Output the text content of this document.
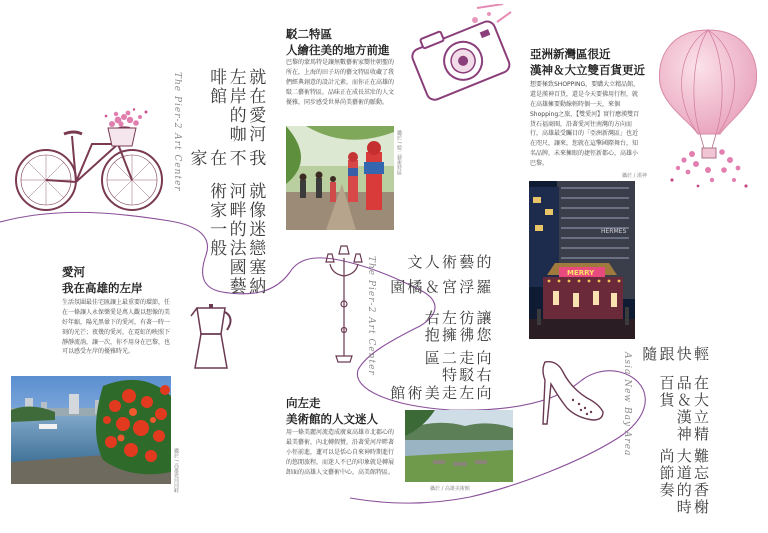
就像迷戀塞納河畔的法國藝術家一般
我不在家
就在愛河左岸的咖啡館
The Pier-2 Art Center
愛河
我在高雄的左岸
生活氛圍最佳宅匯讓上最重要的環節，任在一條讓人永保樂愛是萬人觀以想像的美好年縮，陽光黑暈下的愛河，有著一時一刻的光芒；夜幾的愛河，在霓虹的映照下靜靜流淌，讓一次，你不用身在巴黎，也可以感受左岸的優雅時光。
攝於 / 高雄愛河河畔
駁二特區
人繪往美的地方前進
巴黎的蒙馬特是讓無數藝術家嚮往朝聖的所在，上海的田子坊的藝文特區收藏了我們經典創意的設計元素，而你正在高雄的駁二藝術特區，品味正在成長茁壯的人文優雅，同步感受世界尚美藝術的脈動。
攝於 / 駁二藝術特區
向左走美術館
向右走駁二特區
讓您彷彿左擁右抱
羅浮宮＆橘園
的藝術人文
The Pier-2 Art Center
向左走
美術館的人文迷人
用一條美麗河流造成廣東高雄市北郡心的最美藝術，內北轉假贊，沿著愛河岸畔著小徑前進，蓮可以是恬心自來神時期進行的悠閒旅程，而迷人不已的印象就是轉展卸面的高雄人文藝術中心，高美館特區。
攝於 / 高雄美術館
亞洲新灣區很近
漢神＆大立雙百貨更近
想要極致SHOPPING，要購大立精品館，還是漢神百貨，還是今天要佛用行程，就在高雄擁要動線輕時個一天，來個Shopping之旅，【雙愛河】實行應漢雙百貨石福商圈，沿著愛河往南灣的方向而行，高雄最受矚目的「亞洲新灣區」也近在咫尺，讓來，您就在這擎國際舞台，知名品牌，未來擁眼的捷徑新都心，高雄小巴黎。
攝於 / 漢神
HERMES
MERRY
難忘香榭大道的時尚節奏
在大立精品＆漢神百貨
輕快跟隨
Asia New Bay Area
